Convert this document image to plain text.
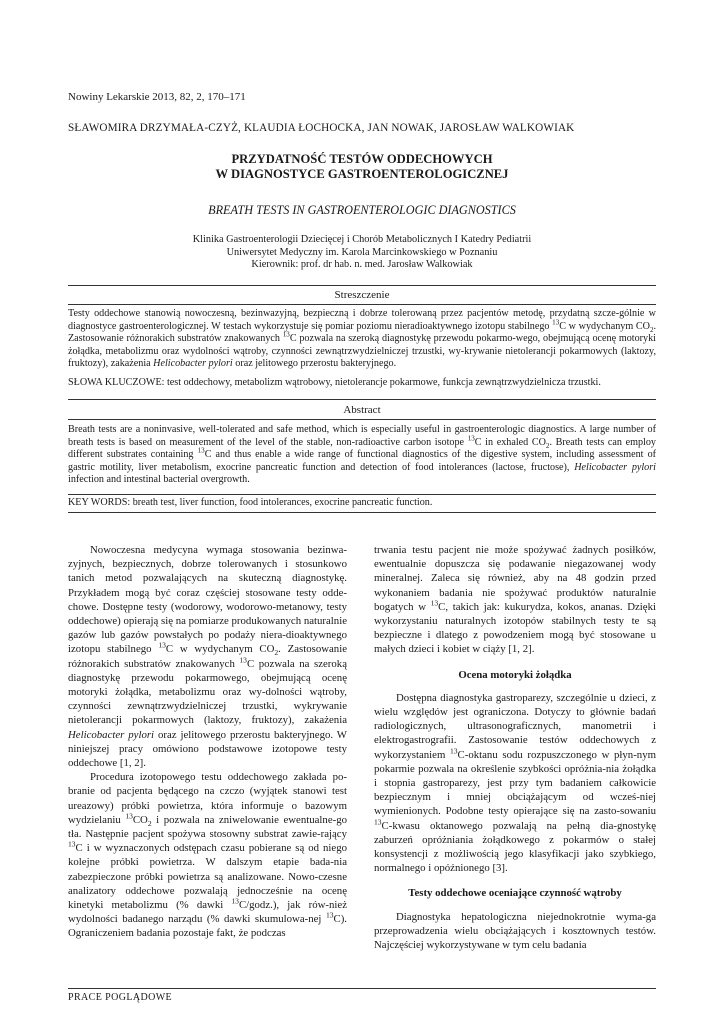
Nowiny Lekarskie 2013, 82, 2, 170–171
SŁAWOMIRA DRZYMAŁA-CZYŻ, KLAUDIA ŁOCHOCKA, JAN NOWAK, JAROSŁAW WALKOWIAK
PRZYDATNOŚĆ TESTÓW ODDECHOWYCH
W DIAGNOSTYCE GASTROENTEROLOGICZNEJ
BREATH TESTS IN GASTROENTEROLOGIC DIAGNOSTICS
Klinika Gastroenterologii Dziecięcej i Chorób Metabolicznych I Katedry Pediatrii
Uniwersytet Medyczny im. Karola Marcinkowskiego w Poznaniu
Kierownik: prof. dr hab. n. med. Jarosław Walkowiak
Streszczenie
Testy oddechowe stanowią nowoczesną, bezinwazyjną, bezpieczną i dobrze tolerowaną przez pacjentów metodę, przydatną szcze-gólnie w diagnostyce gastroenterologicznej. W testach wykorzystuje się pomiar poziomu nieradioaktywnego izotopu stabilnego $^{13}$C w wydychanym $CO_2$. Zastosowanie różnorakich substratów znakowanych $^{13}$C pozwala na szeroką diagnostykę przewodu pokarmo-wego, obejmującą ocenę motoryki żołądka, metabolizmu oraz wydolności wątroby, czynności zewnątrzwydzielniczej trzustki, wy-krywanie nietolerancji pokarmowych (laktozy, fruktozy), zakażenia Helicobacter pylori oraz jelitowego przerostu bakteryjnego.
SŁOWA KLUCZOWE: test oddechowy, metabolizm wątrobowy, nietolerancje pokarmowe, funkcja zewnątrzwydzielnicza trzustki.
Abstract
Breath tests are a noninvasive, well-tolerated and safe method, which is especially useful in gastroenterologic diagnostics. A large number of breath tests is based on measurement of the level of the stable, non-radioactive carbon isotope $^{13}$C in exhaled $CO_2$. Breath tests can employ different substrates containing $^{13}$C and thus enable a wide range of functional diagnostics of the digestive system, including assessment of gastric motility, liver metabolism, exocrine pancreatic function and detection of food intolerances (lactose, fructose), Helicobacter pylori infection and intestinal bacterial overgrowth.
KEY WORDS: breath test, liver function, food intolerances, exocrine pancreatic function.

Nowoczesna medycyna wymaga stosowania bezinwa-zyjnych, bezpiecznych, dobrze tolerowanych i stosunkowo tanich metod pozwalających na skuteczną diagnostykę. Przykładem mogą być coraz częściej stosowane testy odde-chowe. Dostępne testy (wodorowy, wodorowo-metanowy, testy oddechowe) opierają się na pomiarze produkowanych naturalnie gazów lub gazów powstałych po podaży niera-dioaktywnego izotopu stabilnego $^{13}$C w wydychanym $CO_2$. Zastosowanie różnorakich substratów znakowanych $^{13}$C pozwala na szeroką diagnostykę przewodu pokarmowego, obejmującą ocenę motoryki żołądka, metabolizmu oraz wy-dolności wątroby, czynności zewnątrzwydzielniczej trzustki, wykrywanie nietolerancji pokarmowych (laktozy, fruktozy), zakażenia Helicobacter pylori oraz jelitowego przerostu bakteryjnego. W niniejszej pracy omówiono podstawowe izotopowe testy oddechowe [1, 2].

Procedura izotopowego testu oddechowego zakłada po-branie od pacjenta będącego na czczo (wyjątek stanowi test ureazowy) próbki powietrza, która informuje o bazowym wydzielaniu $^{13}CO_2$ i pozwala na zniwelowanie ewentualne-go tła. Następnie pacjent spożywa stosowny substrat zawie-rający $^{13}$C i w wyznaczonych odstępach czasu pobierane są od niego kolejne próbki powietrza. W dalszym etapie bada-nia zabezpieczone próbki powietrza są analizowane. Nowo-czesne analizatory oddechowe pozwalają jednocześnie na ocenę kinetyki metabolizmu (% dawki $^{13}$C/godz.), jak rów-nież wydolności badanego narządu (% dawki skumulowa-nej $^{13}$C). Ograniczeniem badania pozostaje fakt, że podczas

trwania testu pacjent nie może spożywać żadnych posiłków, ewentualnie dopuszcza się podawanie niegazowanej wody mineralnej. Zaleca się również, aby na 48 godzin przed wykonaniem badania nie spożywać produktów naturalnie bogatych w $^{13}$C, takich jak: kukurydza, kokos, ananas. Dzięki wykorzystaniu naturalnych izotopów stabilnych testy te są bezpieczne i dlatego z powodzeniem mogą być stosowane u małych dzieci i kobiet w ciąży [1, 2].

Ocena motoryki żołądka

Dostępna diagnostyka gastroparezy, szczególnie u dzieci, z wielu względów jest ograniczona. Dotyczy to głównie badań radiologicznych, ultrasonograficznych, manometrii i elektrogastrografii. Zastosowanie testów oddechowych z wykorzystaniem $^{13}$C-oktanu sodu rozpuszczonego w płyn-nym pokarmie pozwala na określenie szybkości opróżnia-nia żołądka i stopnia gastroparezy, jest przy tym badaniem całkowicie bezpiecznym i mniej obciążającym od wcześ-niej wymienionych. Podobne testy opierające się na zasto-sowaniu $^{13}$C-kwasu oktanowego pozwalają na pełną dia-gnostykę zaburzeń opróżniania żołądkowego z pokarmów o stałej konsystencji z możliwością jego klasyfikacji jako szybkiego, normalnego i opóźnionego [3].

Testy oddechowe oceniające czynność wątroby

Diagnostyka hepatologiczna niejednokrotnie wyma-ga przeprowadzenia wielu obciążających i kosztownych testów. Najczęściej wykorzystywane w tym celu badania

PRACE POGLĄDOWE
